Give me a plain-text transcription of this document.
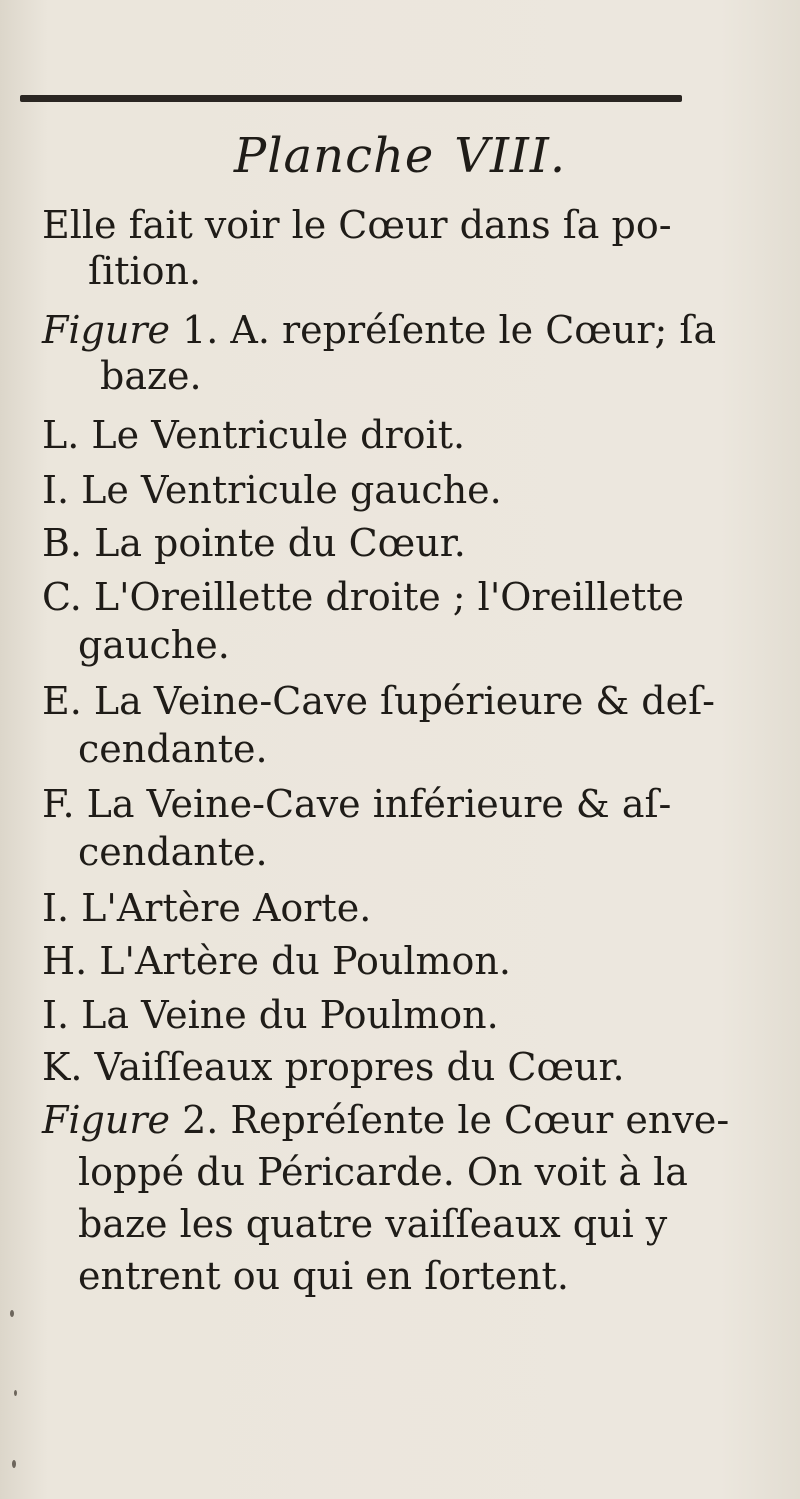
Planche VIII.
Elle fait voir le Cœur dans ſa po-
ſition.
Figure 1. A. repréſente le Cœur; ſa
baze.
L. Le Ventricule droit.
I. Le Ventricule gauche.
B. La pointe du Cœur.
C. L'Oreillette droite ; l'Oreillette
gauche.
E. La Veine-Cave ſupérieure & deſ-
cendante.
F. La Veine-Cave inférieure & aſ-
cendante.
I. L'Artère Aorte.
H. L'Artère du Poulmon.
I. La Veine du Poulmon.
K. Vaiſſeaux propres du Cœur.
Figure 2. Repréſente le Cœur enve-
loppé du Péricarde. On voit à la
baze les quatre vaiſſeaux qui y
entrent ou qui en ſortent.
